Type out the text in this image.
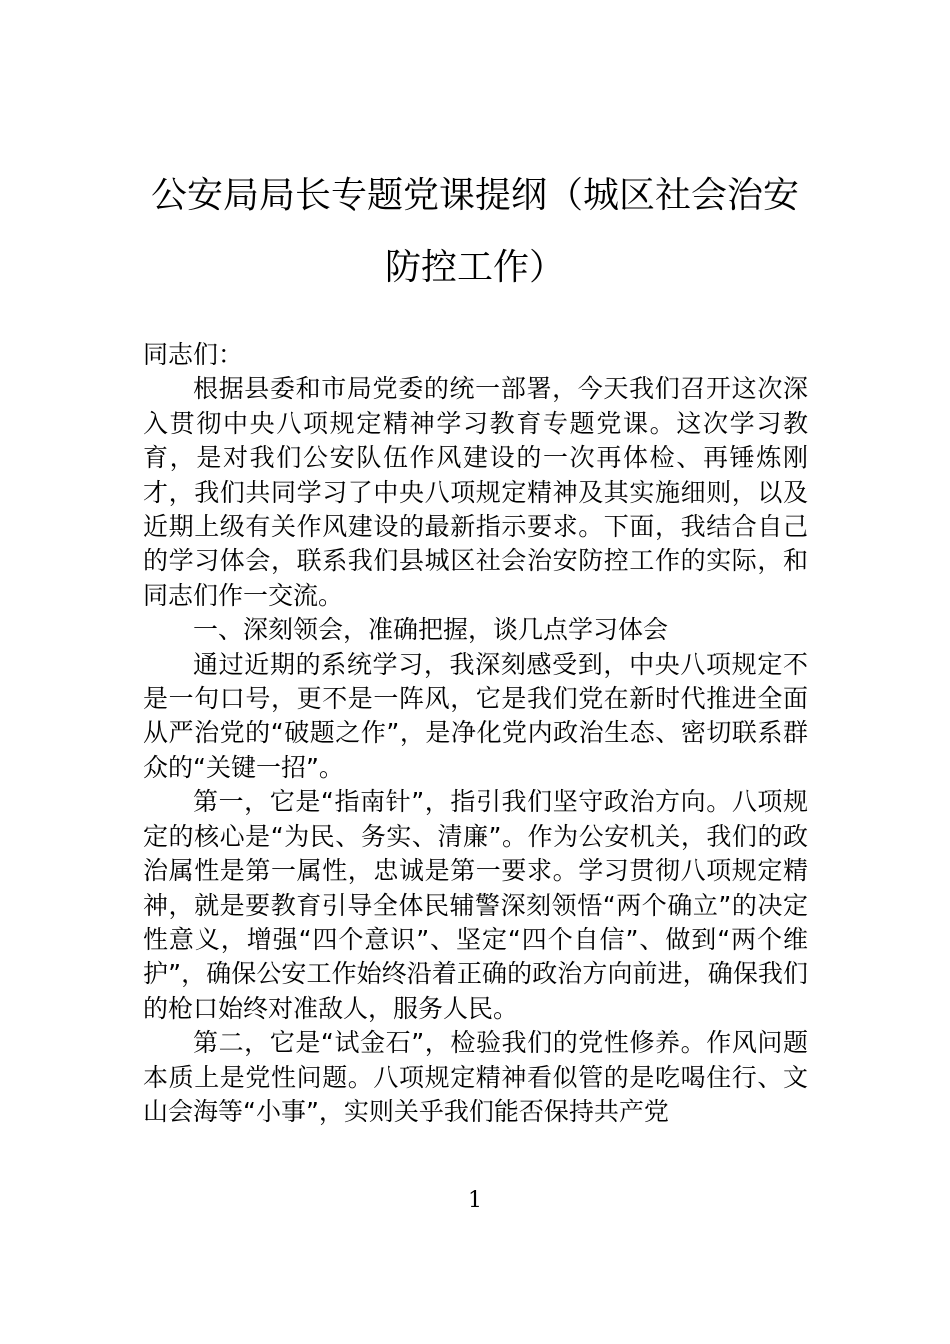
公安局局长专题党课提纲（城区社会治安
防控工作）

同志们：

根据县委和市局党委的统一部署，今天我们召开这次深入贯彻中央八项规定精神学习教育专题党课。这次学习教育，是对我们公安队伍作风建设的一次再体检、再锤炼刚才，我们共同学习了中央八项规定精神及其实施细则，以及近期上级有关作风建设的最新指示要求。下面，我结合自己的学习体会，联系我们县城区社会治安防控工作的实际，和同志们作一交流。

一、深刻领会，准确把握，谈几点学习体会

通过近期的系统学习，我深刻感受到，中央八项规定不是一句口号，更不是一阵风，它是我们党在新时代推进全面从严治党的“破题之作”，是净化党内政治生态、密切联系群众的“关键一招”。

第一，它是“指南针”，指引我们坚守政治方向。八项规定的核心是“为民、务实、清廉”。作为公安机关，我们的政治属性是第一属性，忠诚是第一要求。学习贯彻八项规定精神，就是要教育引导全体民辅警深刻领悟“两个确立”的决定性意义，增强“四个意识”、坚定“四个自信”、做到“两个维护”，确保公安工作始终沿着正确的政治方向前进，确保我们的枪口始终对准敌人，服务人民。

第二，它是“试金石”，检验我们的党性修养。作风问题本质上是党性问题。八项规定精神看似管的是吃喝住行、文山会海等“小事”，实则关乎我们能否保持共产党

1
